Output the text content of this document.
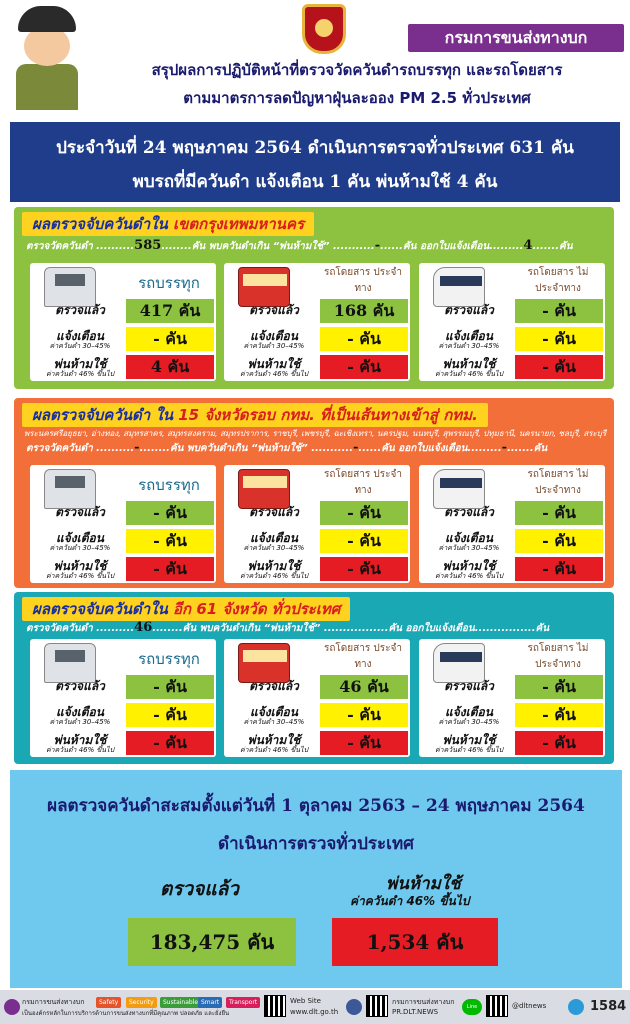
กรมการขนส่งทางบก
สรุปผลการปฏิบัติหน้าที่ตรวจวัดควันดำรถบรรทุก และรถโดยสาร
ตามมาตรการลดปัญหาฝุ่นละออง PM 2.5 ทั่วประเทศ
ประจำวันที่ 24 พฤษภาคม 2564 ดำเนินการตรวจทั่วประเทศ 631 คัน
พบรถที่มีควันดำ แจ้งเตือน 1 คัน พ่นห้ามใช้ 4 คัน
ผลตรวจจับควันดำใน เขตกรุงเทพมหานคร
ตรวจวัดควันดำ ..........585........คัน พบควันดำเกิน “พ่นห้ามใช้” ...........-......คัน ออกใบแจ้งเตือน.........4.......คัน
รถบรรทุก
ตรวจแล้ว	417 คัน
แจ้งเตือน
ค่าควันดำ 30–45%	- คัน
พ่นห้ามใช้
ค่าควันดำ 46% ขึ้นไป	4 คัน
รถโดยสาร ประจำทาง
ตรวจแล้ว	168 คัน
แจ้งเตือน
ค่าควันดำ 30–45%	- คัน
พ่นห้ามใช้
ค่าควันดำ 46% ขึ้นไป	- คัน
รถโดยสาร ไม่ประจำทาง
ตรวจแล้ว	- คัน
แจ้งเตือน
ค่าควันดำ 30–45%	- คัน
พ่นห้ามใช้
ค่าควันดำ 46% ขึ้นไป	- คัน
ผลตรวจจับควันดำ ใน 15 จังหวัดรอบ กทม. ที่เป็นเส้นทางเข้าสู่ กทม.
พระนครศรีอยุธยา, อ่างทอง, สมุทรสาคร, สมุทรสงคราม, สมุทรปราการ, ราชบุรี, เพชรบุรี, ฉะเชิงเทรา, นครปฐม, นนทบุรี, สุพรรณบุรี, ปทุมธานี, นครนายก, ชลบุรี, สระบุรี
ตรวจวัดควันดำ ..........-........คัน พบควันดำเกิน “พ่นห้ามใช้” ...........-......คัน ออกใบแจ้งเตือน.........-.......คัน
รถบรรทุก
ตรวจแล้ว	- คัน
แจ้งเตือน
ค่าควันดำ 30–45%	- คัน
พ่นห้ามใช้
ค่าควันดำ 46% ขึ้นไป	- คัน
รถโดยสาร ประจำทาง
ตรวจแล้ว	- คัน
แจ้งเตือน
ค่าควันดำ 30–45%	- คัน
พ่นห้ามใช้
ค่าควันดำ 46% ขึ้นไป	- คัน
รถโดยสาร ไม่ประจำทาง
ตรวจแล้ว	- คัน
แจ้งเตือน
ค่าควันดำ 30–45%	- คัน
พ่นห้ามใช้
ค่าควันดำ 46% ขึ้นไป	- คัน
ผลตรวจจับควันดำใน อีก 61 จังหวัด ทั่วประเทศ
ตรวจวัดควันดำ ..........46........คัน พบควันดำเกิน “พ่นห้ามใช้” .................คัน ออกใบแจ้งเตือน................คัน
รถบรรทุก
ตรวจแล้ว	- คัน
แจ้งเตือน
ค่าควันดำ 30–45%	- คัน
พ่นห้ามใช้
ค่าควันดำ 46% ขึ้นไป	- คัน
รถโดยสาร ประจำทาง
ตรวจแล้ว	46 คัน
แจ้งเตือน
ค่าควันดำ 30–45%	- คัน
พ่นห้ามใช้
ค่าควันดำ 46% ขึ้นไป	- คัน
รถโดยสาร ไม่ประจำทาง
ตรวจแล้ว	- คัน
แจ้งเตือน
ค่าควันดำ 30–45%	- คัน
พ่นห้ามใช้
ค่าควันดำ 46% ขึ้นไป	- คัน
ผลตรวจควันดำสะสมตั้งแต่วันที่ 1 ตุลาคม 2563 – 24 พฤษภาคม 2564
ดำเนินการตรวจทั่วประเทศ
ตรวจแล้ว	พ่นห้ามใช้
ค่าควันดำ 46% ขึ้นไป
183,475 คัน	1,534 คัน
กรมการขนส่งทางบก
เป็นองค์กรหลักในการบริการด้านการขนส่งทางบกที่มีคุณภาพ ปลอดภัย และยั่งยืน
Safety	Security	Sustainable Smart	Transport	Web Site
www.dlt.go.th
กรมการขนส่งทางบก
PR.DLT.NEWS
Line	@dltnews	1584
